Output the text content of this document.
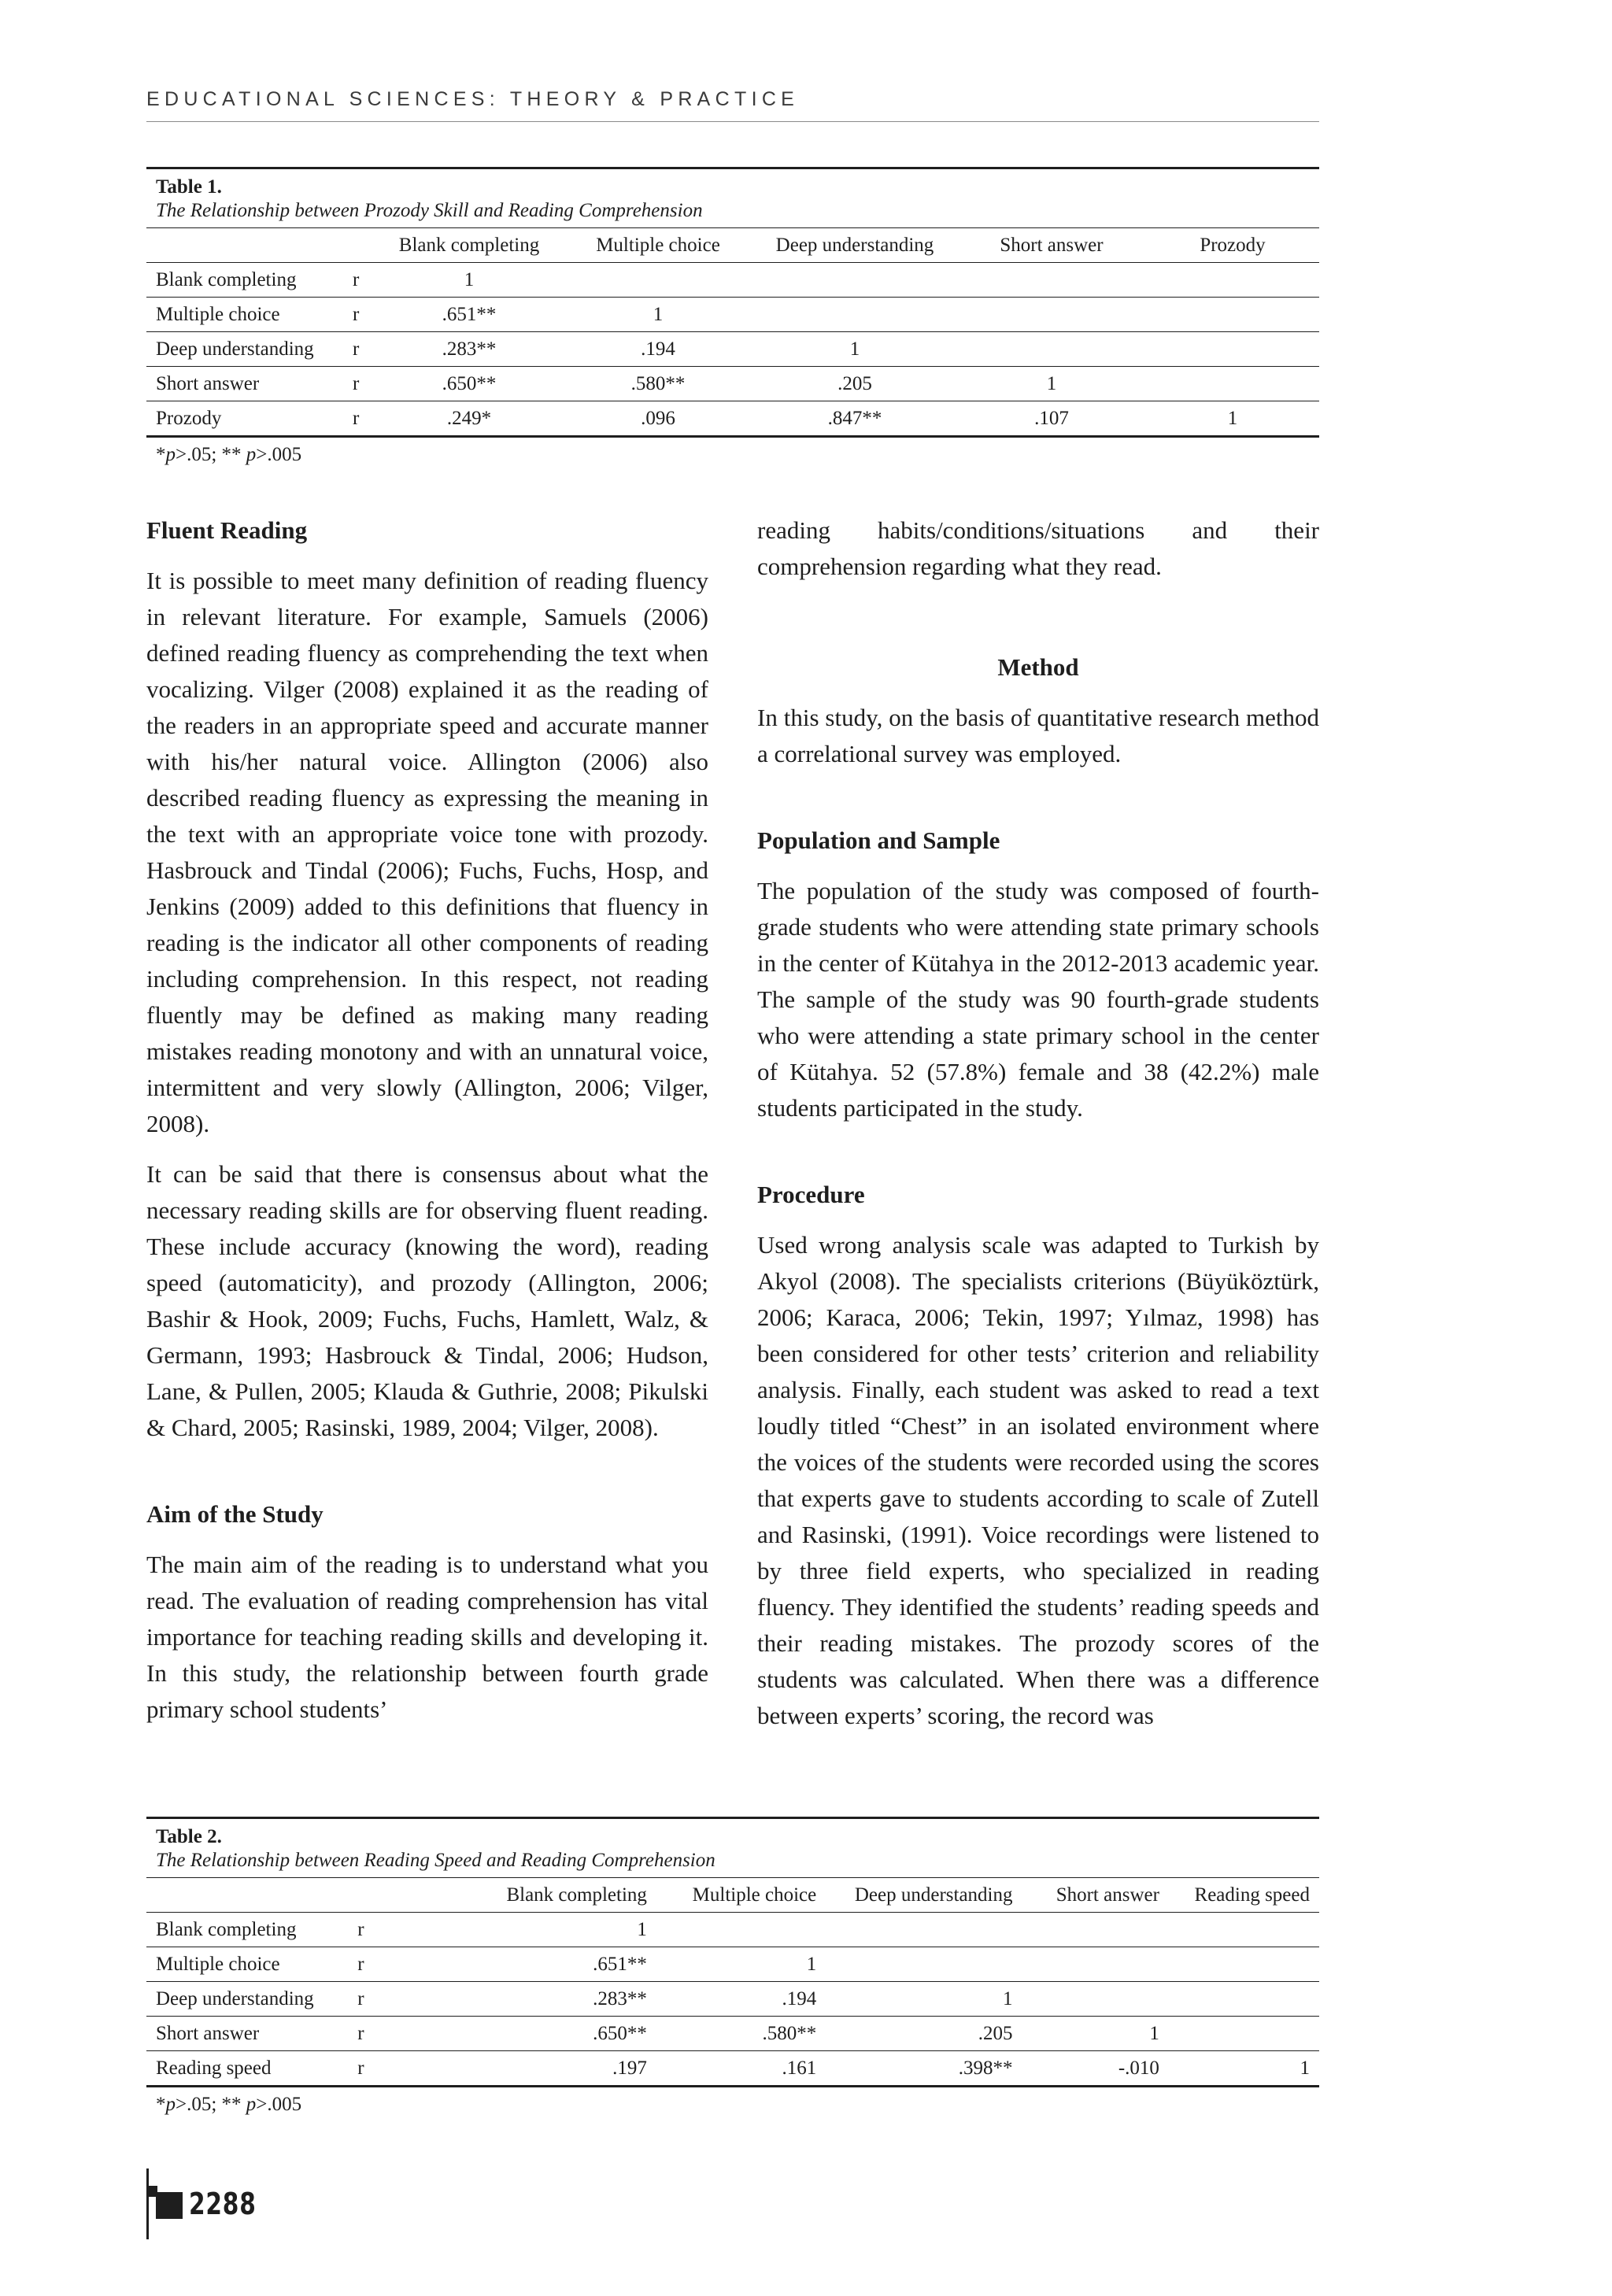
EDUCATIONAL SCIENCES: THEORY & PRACTICE
Table 1.
The Relationship between Prozody Skill and Reading Comprehension
		Blank completing	Multiple choice	Deep understanding	Short answer	Prozody
Blank completing	r	1				
Multiple choice	r	.651**	1			
Deep understanding	r	.283**	.194	1		
Short answer	r	.650**	.580**	.205	1	
Prozody	r	.249*	.096	.847**	.107	1
*p>.05; ** p>.005
Fluent Reading

It is possible to meet many definition of reading fluency in relevant literature. For example, Samuels (2006) defined reading fluency as comprehending the text when vocalizing. Vilger (2008) explained it as the reading of the readers in an appropriate speed and accurate manner with his/her natural voice. Allington (2006) also described reading fluency as expressing the meaning in the text with an appropriate voice tone with prozody. Hasbrouck and Tindal (2006); Fuchs, Fuchs, Hosp, and Jenkins (2009) added to this definitions that fluency in reading is the indicator all other components of reading including comprehension. In this respect, not reading fluently may be defined as making many reading mistakes reading monotony and with an unnatural voice, intermittent and very slowly (Allington, 2006; Vilger, 2008).

It can be said that there is consensus about what the necessary reading skills are for observing fluent reading. These include accuracy (knowing the word), reading speed (automaticity), and prozody (Allington, 2006; Bashir & Hook, 2009; Fuchs, Fuchs, Hamlett, Walz, & Germann, 1993; Hasbrouck & Tindal, 2006; Hudson, Lane, & Pullen, 2005; Klauda & Guthrie, 2008; Pikulski & Chard, 2005; Rasinski, 1989, 2004; Vilger, 2008).

Aim of the Study

The main aim of the reading is to understand what you read. The evaluation of reading comprehension has vital importance for teaching reading skills and developing it. In this study, the relationship between fourth grade primary school students’

reading habits/conditions/situations and their comprehension regarding what they read.

Method

In this study, on the basis of quantitative research method a correlational survey was employed.

Population and Sample

The population of the study was composed of fourth-grade students who were attending state primary schools in the center of Kütahya in the 2012-2013 academic year. The sample of the study was 90 fourth-grade students who were attending a state primary school in the center of Kütahya. 52 (57.8%) female and 38 (42.2%) male students participated in the study.

Procedure

Used wrong analysis scale was adapted to Turkish by Akyol (2008). The specialists criterions (Büyüköztürk, 2006; Karaca, 2006; Tekin, 1997; Yılmaz, 1998) has been considered for other tests’ criterion and reliability analysis. Finally, each student was asked to read a text loudly titled “Chest” in an isolated environment where the voices of the students were recorded using the scores that experts gave to students according to scale of Zutell and Rasinski, (1991). Voice recordings were listened to by three field experts, who specialized in reading fluency. They identified the students’ reading speeds and their reading mistakes. The prozody scores of the students was calculated. When there was a difference between experts’ scoring, the record was

Table 2.
The Relationship between Reading Speed and Reading Comprehension
		Blank completing	Multiple choice	Deep understanding	Short answer	Reading speed
Blank completing	r	1				
Multiple choice	r	.651**	1			
Deep understanding	r	.283**	.194	1		
Short answer	r	.650**	.580**	.205	1	
Reading speed	r	.197	.161	.398**	-.010	1
*p>.05; ** p>.005
2288
